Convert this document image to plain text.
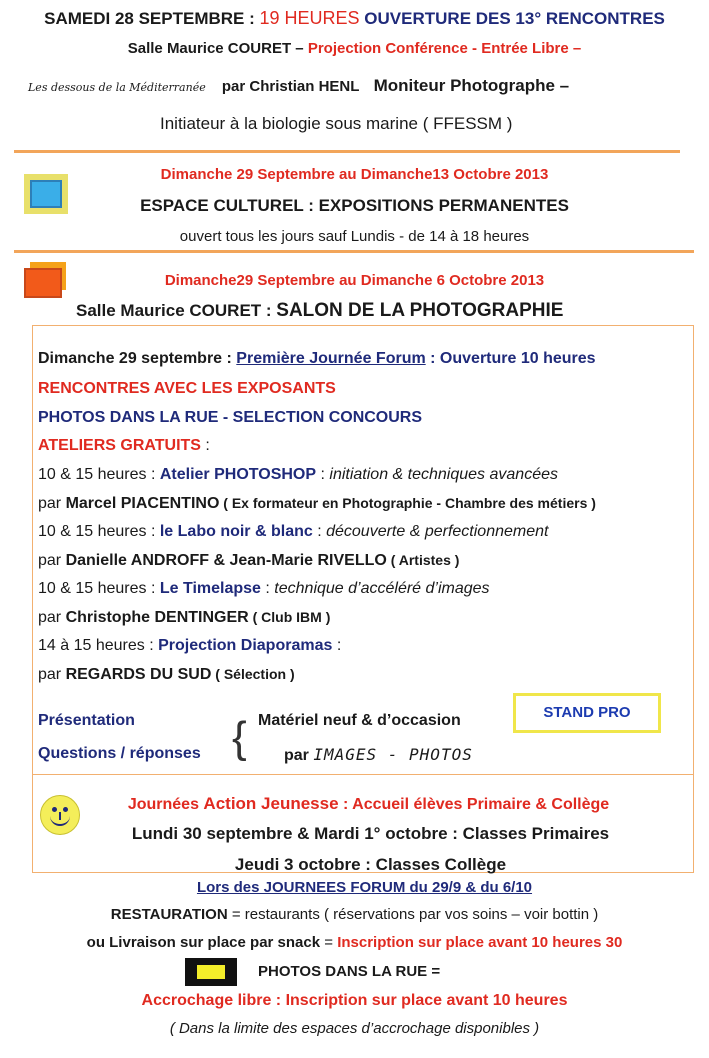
SAMEDI 28 SEPTEMBRE : 19 HEURES OUVERTURE DES 13° RENCONTRES
Salle Maurice COURET – Projection Conférence - Entrée Libre –
Les dessous de la Méditerranée par Christian HENL Moniteur Photographe –
Initiateur à la biologie sous marine ( FFESSM )
Dimanche 29 Septembre au Dimanche13 Octobre 2013
ESPACE CULTUREL : EXPOSITIONS PERMANENTES
ouvert tous les jours sauf Lundis - de 14 à 18 heures
Dimanche29 Septembre au Dimanche 6 Octobre 2013
Salle Maurice COURET : SALON DE LA PHOTOGRAPHIE
Dimanche 29 septembre : Première Journée Forum : Ouverture 10 heures
RENCONTRES AVEC LES EXPOSANTS
PHOTOS DANS LA RUE - SELECTION CONCOURS
ATELIERS GRATUITS :
10 & 15 heures : Atelier PHOTOSHOP : initiation & techniques avancées
par Marcel PIACENTINO ( Ex formateur en Photographie - Chambre des métiers )
10 & 15 heures : le Labo noir & blanc : découverte & perfectionnement
par Danielle ANDROFF & Jean-Marie RIVELLO ( Artistes )
10 & 15 heures : Le Timelapse : technique d’accéléré d’images
par Christophe DENTINGER ( Club IBM )
14 à 15 heures : Projection Diaporamas :
par REGARDS DU SUD ( Sélection )
Présentation
Questions / réponses { Matériel neuf & d’occasion
par IMAGES - PHOTOS
STAND PRO
Journées Action Jeunesse : Accueil élèves Primaire & Collège
Lundi 30 septembre & Mardi 1° octobre : Classes Primaires
Jeudi 3 octobre : Classes Collège
Lors des JOURNEES FORUM du 29/9 & du 6/10
RESTAURATION = restaurants ( réservations par vos soins – voir bottin )
ou Livraison sur place par snack = Inscription sur place avant 10 heures 30
PHOTOS DANS LA RUE =
Accrochage libre : Inscription sur place avant 10 heures
( Dans la limite des espaces d’accrochage disponibles )
